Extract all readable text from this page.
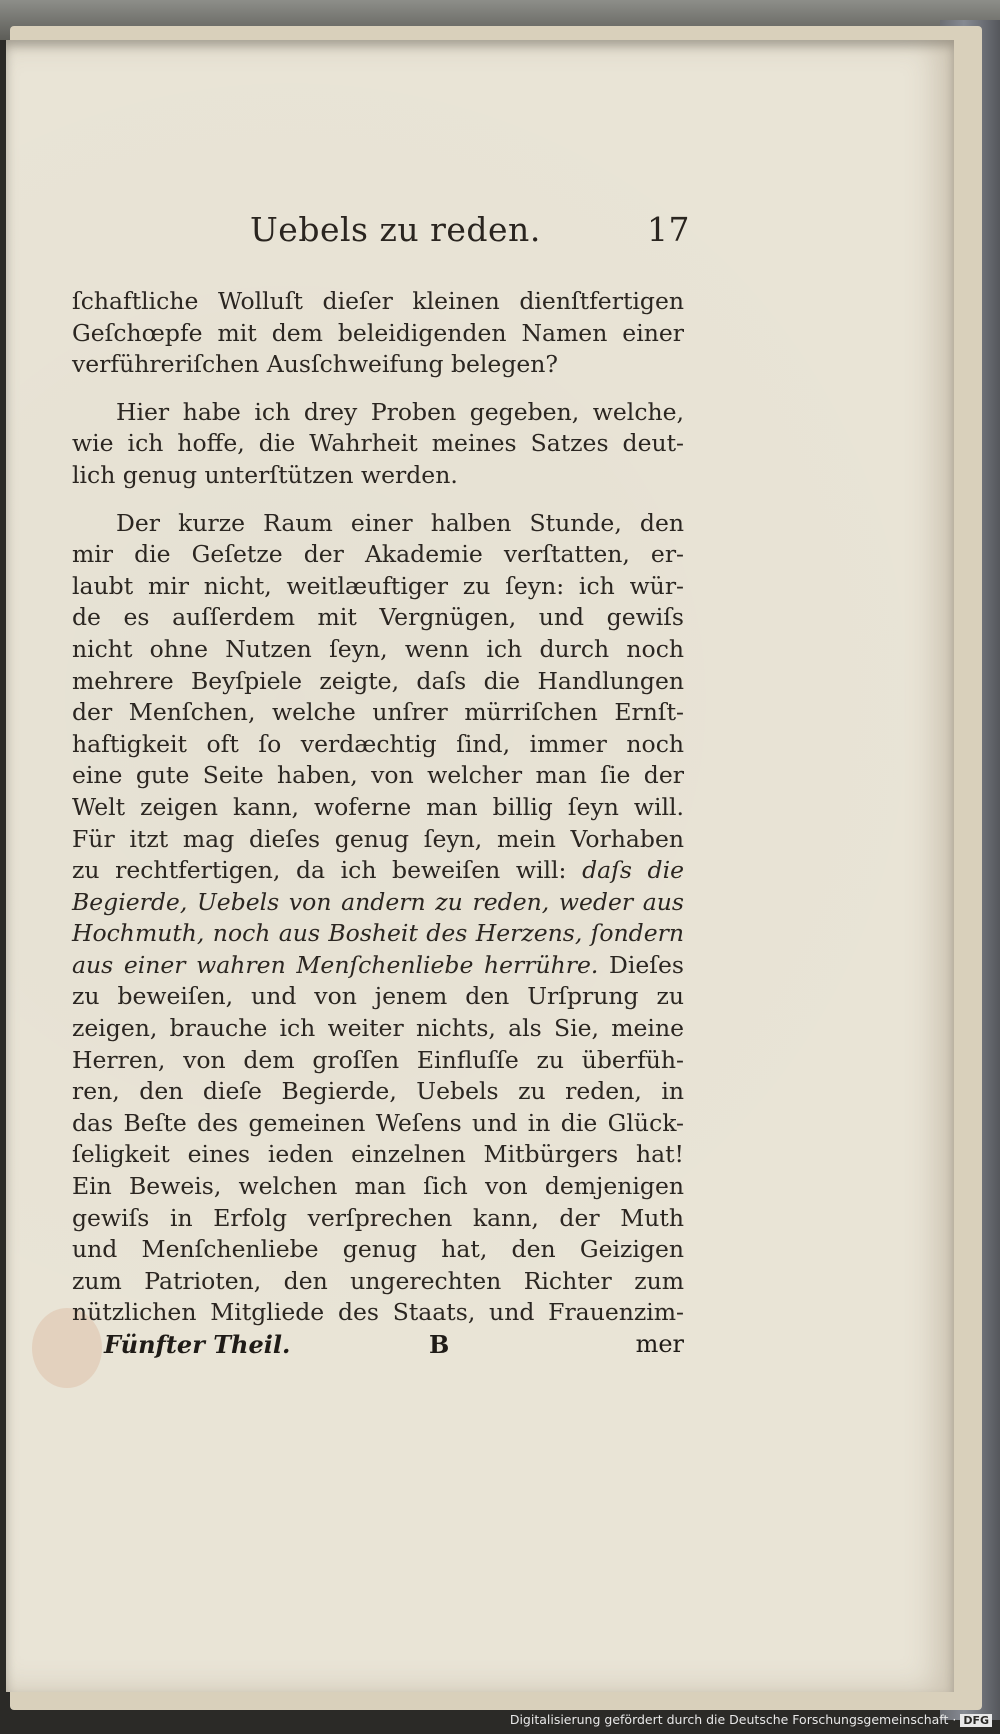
Uebels zu reden.	17
ſchaftliche Wolluſt dieſer kleinen dienſtfertigen
Geſchœpfe mit dem beleidigenden Namen einer
verführeriſchen Ausſchweifung belegen?
Hier habe ich drey Proben gegeben, welche,
wie ich hoffe, die Wahrheit meines Satzes deut-
lich genug unterſtützen werden.
Der kurze Raum einer halben Stunde, den
mir die Geſetze der Akademie verſtatten, er-
laubt mir nicht, weitlæuftiger zu ſeyn: ich wür-
de es auſſerdem mit Vergnügen, und gewiſs
nicht ohne Nutzen ſeyn, wenn ich durch noch
mehrere Beyſpiele zeigte, daſs die Handlungen
der Menſchen, welche unſrer mürriſchen Ernſt-
haftigkeit oft ſo verdæchtig ſind, immer noch
eine gute Seite haben, von welcher man ſie der
Welt zeigen kann, woferne man billig ſeyn will.
Für itzt mag dieſes genug ſeyn, mein Vorhaben
zu rechtfertigen, da ich beweiſen will: daſs die
Begierde, Uebels von andern zu reden, weder aus
Hochmuth, noch aus Bosheit des Herzens, ſondern
aus einer wahren Menſchenliebe herrühre. Dieſes
zu beweiſen, und von jenem den Urſprung zu
zeigen, brauche ich weiter nichts, als Sie, meine
Herren, von dem groſſen Einfluſſe zu überfüh-
ren, den dieſe Begierde, Uebels zu reden, in
das Beſte des gemeinen Weſens und in die Glück-
ſeligkeit eines ieden einzelnen Mitbürgers hat!
Ein Beweis, welchen man ſich von demjenigen
gewiſs in Erfolg verſprechen kann, der Muth
und Menſchenliebe genug hat, den Geizigen
zum Patrioten, den ungerechten Richter zum
nützlichen Mitgliede des Staats, und Frauenzim-
Fünfter Theil.	B	mer
Digitalisierung gefördert durch die Deutsche Forschungsgemeinschaft · DFG
